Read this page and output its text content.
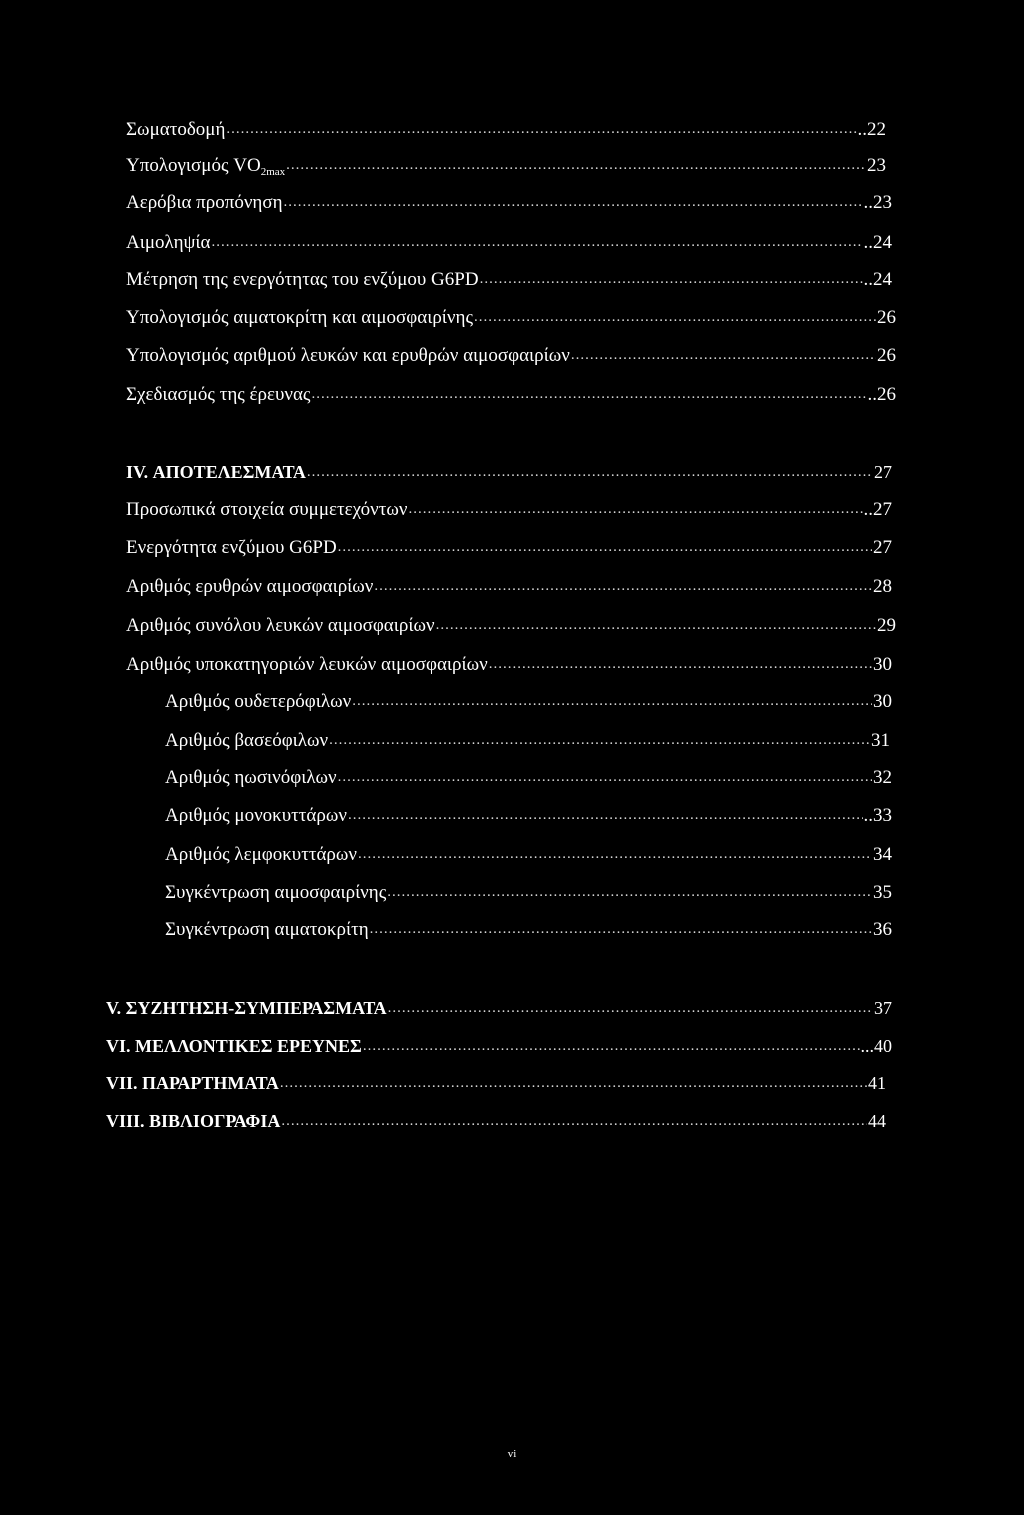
Σωματοδομή .....	..22
Υπολογισμός $VO_{2max}$ .....	23
Αερόβια προπόνηση .....	..23
Αιμοληψία .....	..24
Μέτρηση της ενεργότητας του ενζύμου G6PD .....	..24
Υπολογισμός αιματοκρίτη και αιμοσφαιρίνης .....	26
Υπολογισμός αριθμού λευκών και ερυθρών αιμοσφαιρίων .....	26
Σχεδιασμός της έρευνας .....	..26
IV. ΑΠΟΤΕΛΕΣΜΑΤΑ .....	27
Προσωπικά στοιχεία συμμετεχόντων .....	..27
Ενεργότητα ενζύμου G6PD .....	27
Αριθμός ερυθρών αιμοσφαιρίων .....	28
Αριθμός συνόλου λευκών αιμοσφαιρίων .....	29
Αριθμός υποκατηγοριών λευκών αιμοσφαιρίων .....	30
Αριθμός ουδετερόφιλων .....	30
Αριθμός βασεόφιλων .....	31
Αριθμός ηωσινόφιλων .....	32
Αριθμός μονοκυττάρων .....	..33
Αριθμός λεμφοκυττάρων .....	34
Συγκέντρωση αιμοσφαιρίνης .....	35
Συγκέντρωση αιματοκρίτη .....	36
V. ΣΥΖΗΤΗΣΗ-ΣΥΜΠΕΡΑΣΜΑΤΑ .....	37
VI. ΜΕΛΛΟΝΤΙΚΕΣ ΕΡΕΥΝΕΣ .....	...40
VII. ΠΑΡΑΡΤΗΜΑΤΑ .....	41
VIII. ΒΙΒΛΙΟΓΡΑΦΙΑ .....	44
vi
